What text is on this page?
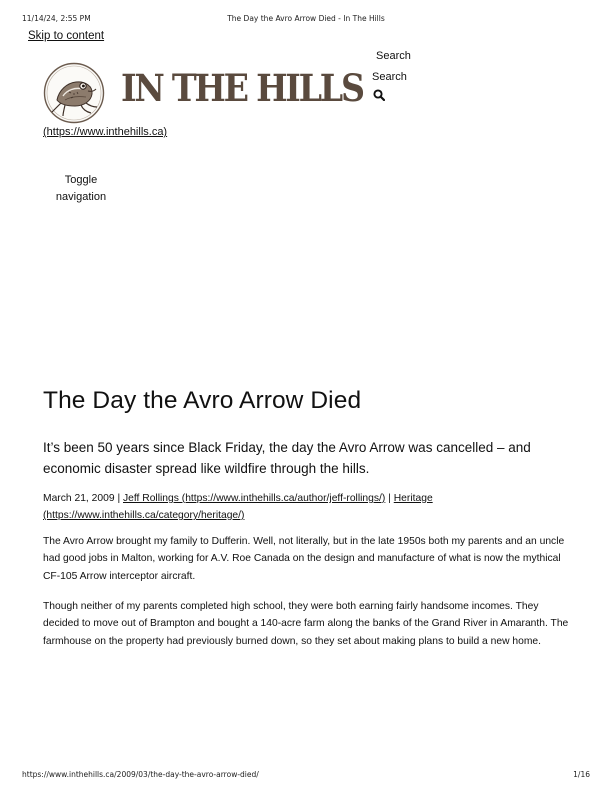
11/14/24, 2:55 PM	The Day the Avro Arrow Died - In The Hills
Skip to content
Search
Search
IN THE HILLS
(https://www.inthehills.ca)
Toggle navigation
The Day the Avro Arrow Died

It’s been 50 years since Black Friday, the day the Avro Arrow was cancelled – and economic disaster spread like wildfire through the hills.

March 21, 2009 | Jeff Rollings (https://www.inthehills.ca/author/jeff-rollings/) | Heritage (https://www.inthehills.ca/category/heritage/)

The Avro Arrow brought my family to Dufferin. Well, not literally, but in the late 1950s both my parents and an uncle had good jobs in Malton, working for A.V. Roe Canada on the design and manufacture of what is now the mythical CF-105 Arrow interceptor aircraft.

Though neither of my parents completed high school, they were both earning fairly handsome incomes. They decided to move out of Brampton and bought a 140-acre farm along the banks of the Grand River in Amaranth. The farmhouse on the property had previously burned down, so they set about making plans to build a new home.

https://www.inthehills.ca/2009/03/the-day-the-avro-arrow-died/	1/16
